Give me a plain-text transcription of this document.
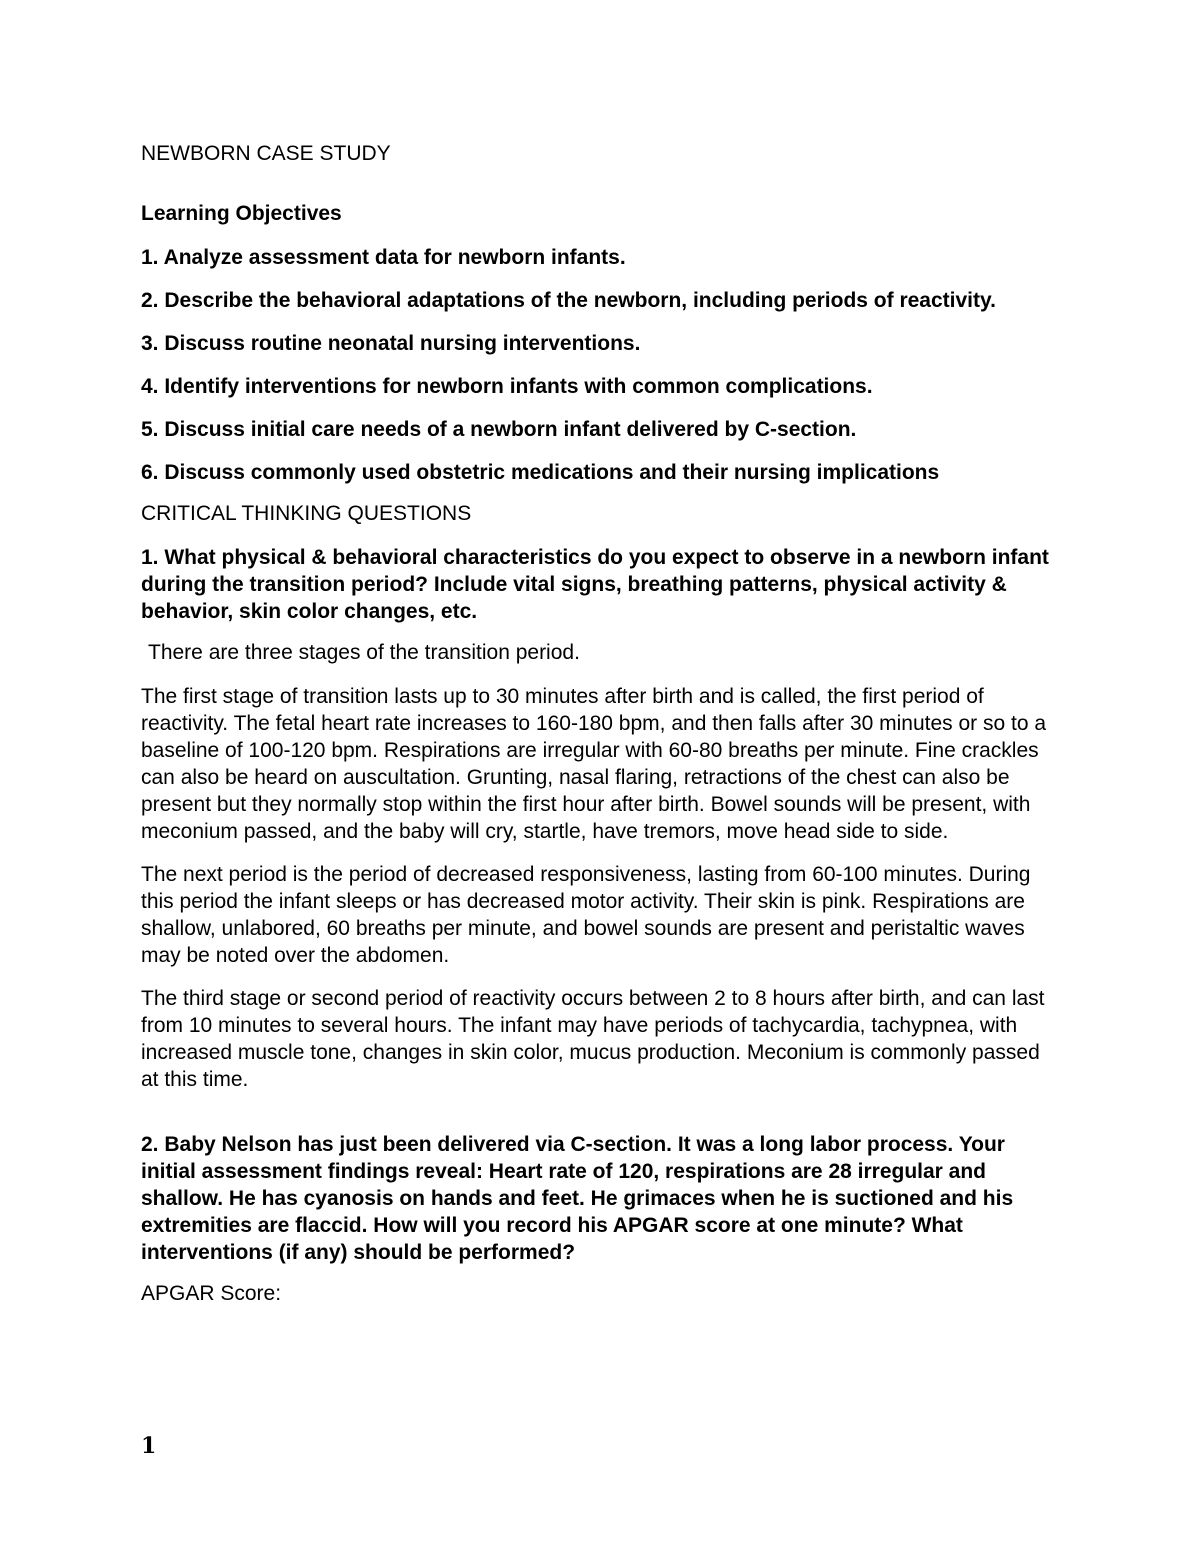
NEWBORN CASE STUDY
Learning Objectives
1. Analyze assessment data for newborn infants.
2. Describe the behavioral adaptations of the newborn, including periods of reactivity.
3. Discuss routine neonatal nursing interventions.
4. Identify interventions for newborn infants with common complications.
5. Discuss initial care needs of a newborn infant delivered by C-section.
6. Discuss commonly used obstetric medications and their nursing implications
CRITICAL THINKING QUESTIONS
1. What physical & behavioral characteristics do you expect to observe in a newborn infant during the transition period? Include vital signs, breathing patterns, physical activity & behavior, skin color changes, etc.

There are three stages of the transition period.

The first stage of transition lasts up to 30 minutes after birth and is called, the first period of reactivity. The fetal heart rate increases to 160-180 bpm, and then falls after 30 minutes or so to a baseline of 100-120 bpm. Respirations are irregular with 60-80 breaths per minute. Fine crackles can also be heard on auscultation. Grunting, nasal flaring, retractions of the chest can also be present but they normally stop within the first hour after birth. Bowel sounds will be present, with meconium passed, and the baby will cry, startle, have tremors, move head side to side.

The next period is the period of decreased responsiveness, lasting from 60-100 minutes. During this period the infant sleeps or has decreased motor activity. Their skin is pink. Respirations are shallow, unlabored, 60 breaths per minute, and bowel sounds are present and peristaltic waves may be noted over the abdomen.

The third stage or second period of reactivity occurs between 2 to 8 hours after birth, and can last from 10 minutes to several hours. The infant may have periods of tachycardia, tachypnea, with increased muscle tone, changes in skin color, mucus production. Meconium is commonly passed at this time.

2. Baby Nelson has just been delivered via C-section. It was a long labor process. Your initial assessment findings reveal: Heart rate of 120, respirations are 28 irregular and shallow. He has cyanosis on hands and feet. He grimaces when he is suctioned and his extremities are flaccid. How will you record his APGAR score at one minute? What interventions (if any) should be performed?

APGAR Score:

1
